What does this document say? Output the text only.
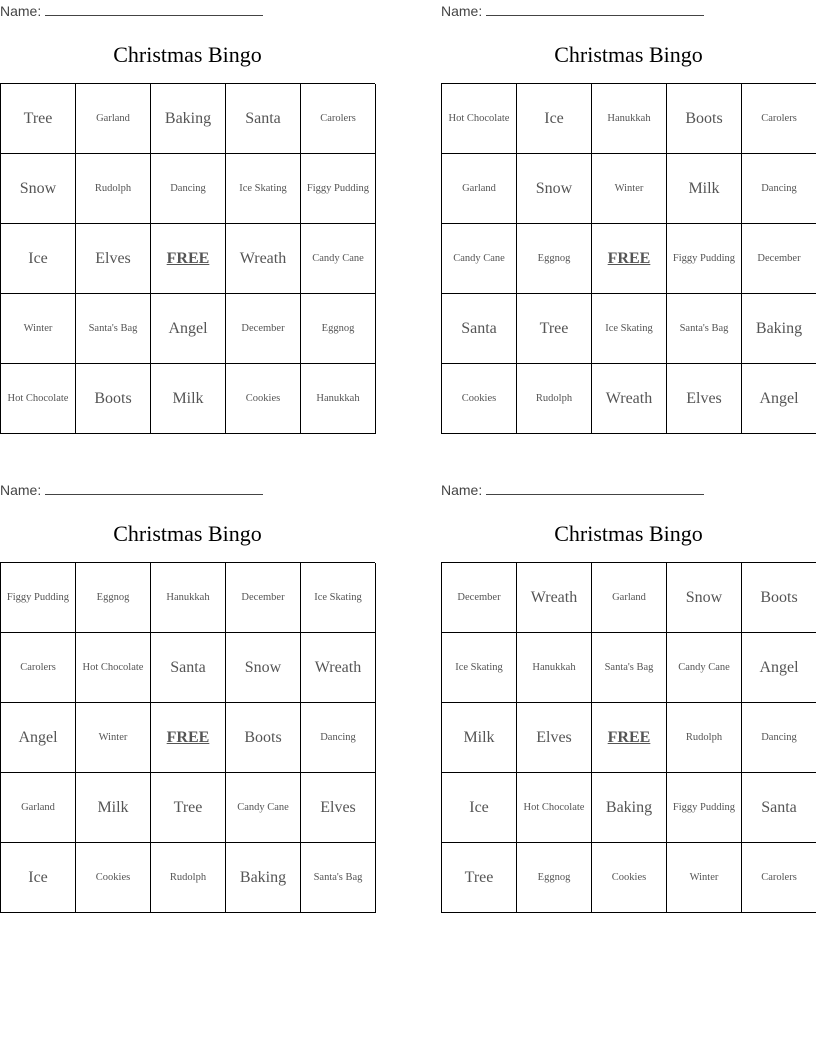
Name:
Christmas Bingo
Tree	Garland	Baking	Santa	Carolers
Snow	Rudolph	Dancing	Ice Skating	Figgy Pudding
Ice	Elves	FREE	Wreath	Candy Cane
Winter	Santa's Bag	Angel	December	Eggnog
Hot Chocolate	Boots	Milk	Cookies	Hanukkah
Name:
Christmas Bingo
Hot Chocolate	Ice	Hanukkah	Boots	Carolers
Garland	Snow	Winter	Milk	Dancing
Candy Cane	Eggnog	FREE	Figgy Pudding	December
Santa	Tree	Ice Skating	Santa's Bag	Baking
Cookies	Rudolph	Wreath	Elves	Angel
Name:
Christmas Bingo
Figgy Pudding	Eggnog	Hanukkah	December	Ice Skating
Carolers	Hot Chocolate	Santa	Snow	Wreath
Angel	Winter	FREE	Boots	Dancing
Garland	Milk	Tree	Candy Cane	Elves
Ice	Cookies	Rudolph	Baking	Santa's Bag
Name:
Christmas Bingo
December	Wreath	Garland	Snow	Boots
Ice Skating	Hanukkah	Santa's Bag	Candy Cane	Angel
Milk	Elves	FREE	Rudolph	Dancing
Ice	Hot Chocolate	Baking	Figgy Pudding	Santa
Tree	Eggnog	Cookies	Winter	Carolers
